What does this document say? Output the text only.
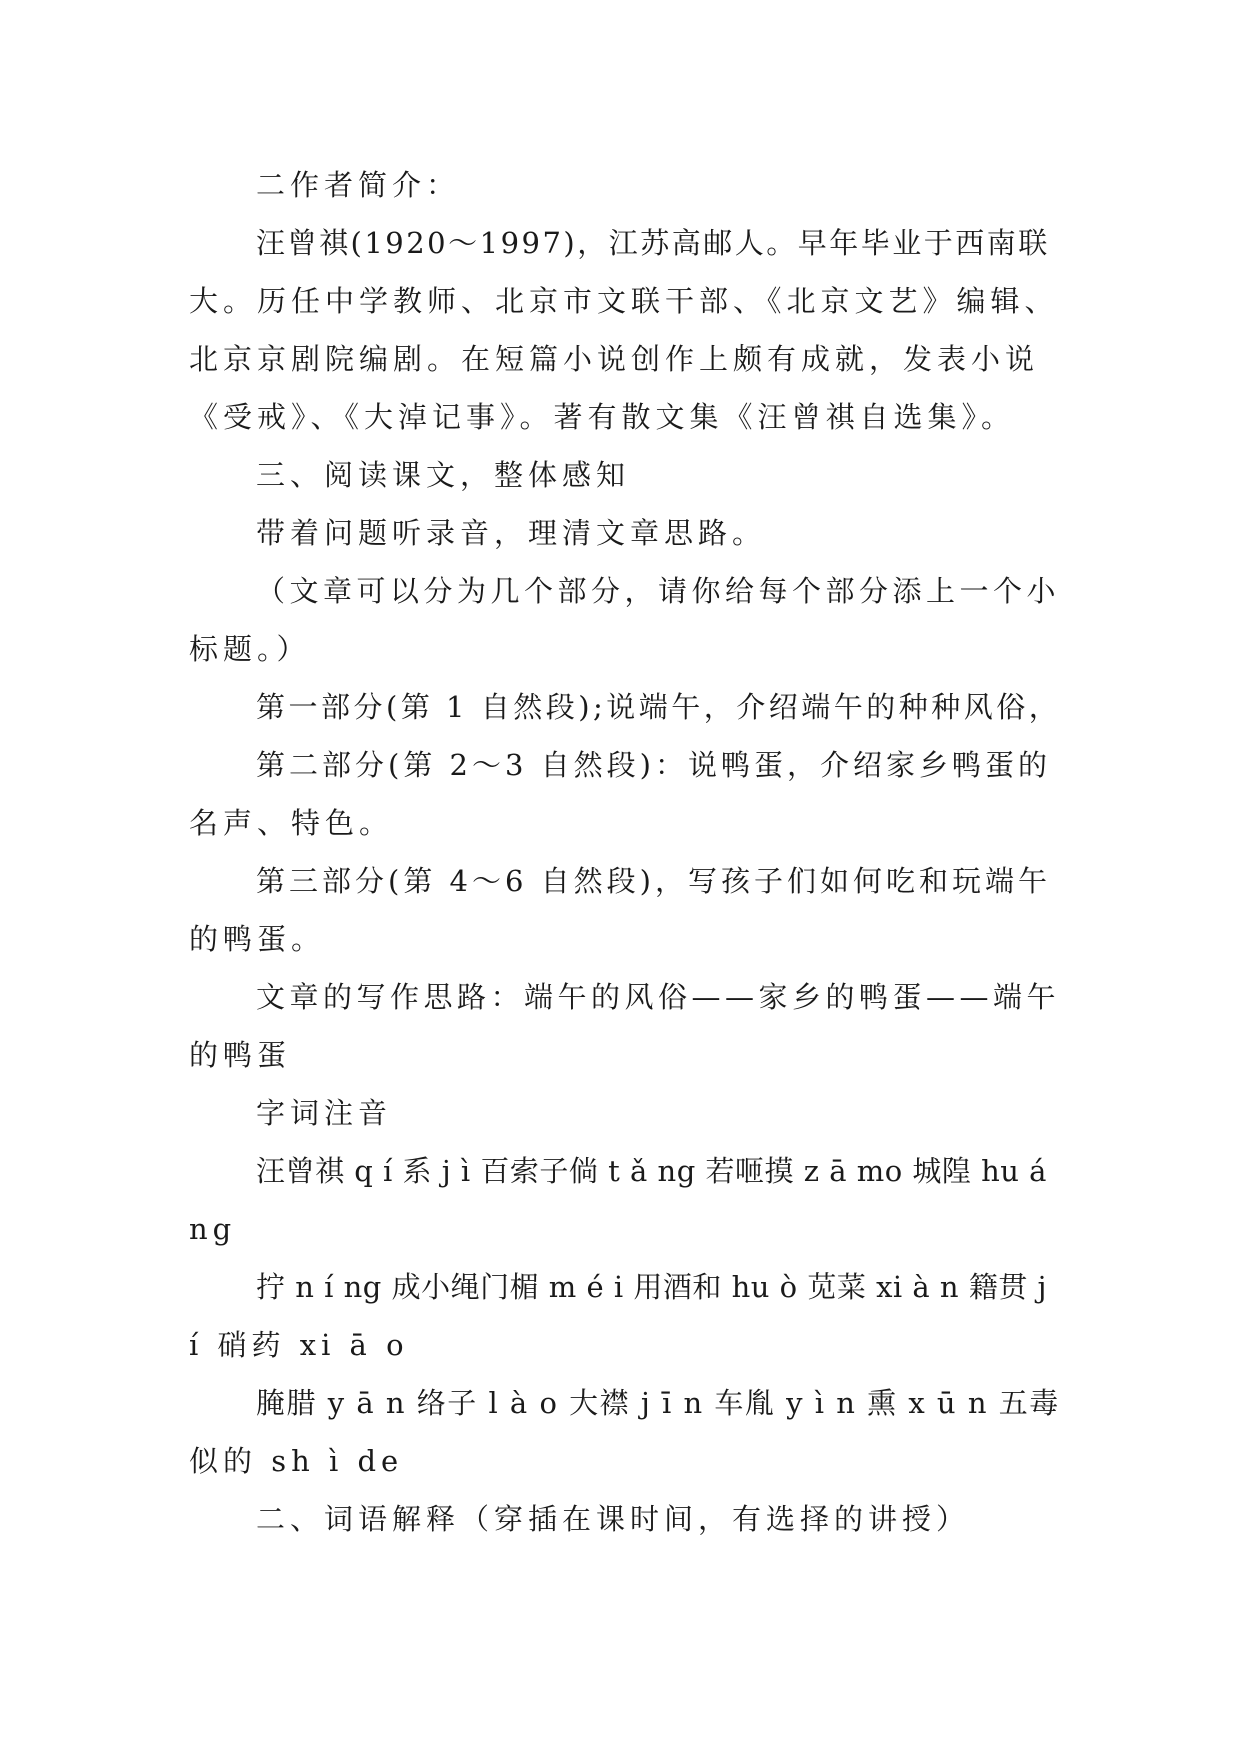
二作者简介：
汪曾祺(1920～1997)，江苏高邮人。早年毕业于西南联
大。历任中学教师、北京市文联干部、《北京文艺》编辑、
北京京剧院编剧。在短篇小说创作上颇有成就，发表小说
《受戒》、《大淖记事》。著有散文集《汪曾祺自选集》。
三、阅读课文，整体感知
带着问题听录音，理清文章思路。
（文章可以分为几个部分，请你给每个部分添上一个小
标题。）
第一部分(第 1 自然段);说端午，介绍端午的种种风俗，
第二部分(第 2～3 自然段)：说鸭蛋，介绍家乡鸭蛋的
名声、特色。
第三部分(第 4～6 自然段)，写孩子们如何吃和玩端午
的鸭蛋。
文章的写作思路：端午的风俗——家乡的鸭蛋——端午
的鸭蛋
字词注音
汪曾祺 q í 系 j ì 百索子倘 t ǎ ng 若咂摸 z ā mo 城隍 hu á
ng
拧 n í ng 成小绳门楣 m é i 用酒和 hu ò 苋菜 xi à n 籍贯 j
í 硝药 xi ā o
腌腊 y ā n 络子 l à o 大襟 j ī n 车胤 y ì n 熏 x ū n 五毒
似的 sh ì de
二、词语解释（穿插在课时间，有选择的讲授）
